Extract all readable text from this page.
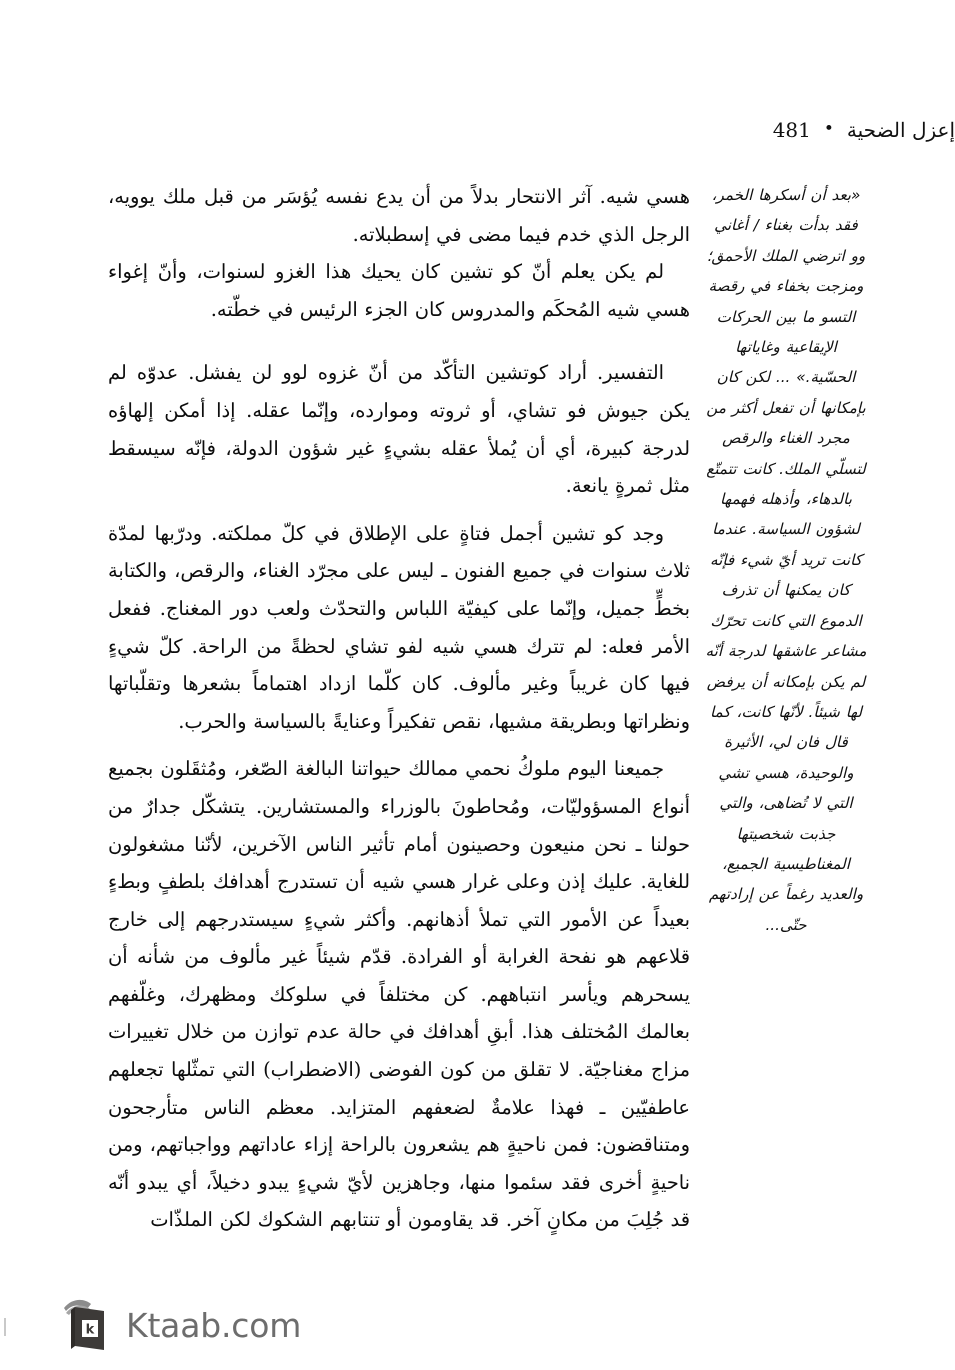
481 • إعزل الضحية

«بعد أن أسكرها الخمر، فقد بدأت بغناء / أغاني وو اترضي الملك الأحمق؛ ومزجت بخفاء في رقصة التسو ما بين الحركات الإيقاعية وغاياتها الحسّية.» ... لكن كان بإمكانها أن تفعل أكثر من مجرد الغناء والرقص لتسلّي الملك. كانت تتمتّع بالدهاء، وأذهله فهمها لشؤون السياسة. عندما كانت تريد أيّ شيء فإنّه كان يمكنها أن تذرف الدموع التي كانت تحرّك مشاعر عاشقها لدرجة أنّه لم يكن بإمكانه أن يرفض لها شيئاً. لأنّها كانت، كما قال فان لي، الأثيرة والوحيدة، هسي تشي التي لا تُضاهى، والتي جذبت شخصيتها المغناطيسية الجميع، والعديد رغماً عن إرادتهم حتّى...

هسي شيه. آثر الانتحار بدلاً من أن يدع نفسه يُؤسَر من قبل ملك يوويه، الرجل الذي خدم فيما مضى في إسطبلاته.

لم يكن يعلم أنّ كو تشين كان يحيك هذا الغزو لسنوات، وأنّ إغواء هسي شيه المُحكَم والمدروس كان الجزء الرئيس في خطّته.

التفسير. أراد كوتشين التأكّد من أنّ غزوه لوو لن يفشل. عدوّه لم يكن جيوش فو تشاي، أو ثروته وموارده، وإنّما عقله. إذا أمكن إلهاؤه لدرجة كبيرة، أي أن يُملأ عقله بشيءٍ غير شؤون الدولة، فإنّه سيسقط مثل ثمرةٍ يانعة.

وجد كو تشين أجمل فتاةٍ على الإطلاق في كلّ مملكته. ودرّبها لمدّة ثلاث سنوات في جميع الفنون ـ ليس على مجرّد الغناء، والرقص، والكتابة بخطٍّ جميل، وإنّما على كيفيّة اللباس والتحدّث ولعب دور المغناج. ففعل الأمر فعله: لم تترك هسي شيه لفو تشاي لحظةً من الراحة. كلّ شيءٍ فيها كان غريباً وغير مألوف. كان كلّما ازداد اهتماماً بشعرها وتقلّباتها ونظراتها وبطريقة مشيها، نقص تفكيراً وعنايةً بالسياسة والحرب.

جميعنا اليوم ملوكُ نحمي ممالك حيواتنا البالغة الصّغر، ومُثقَلون بجميع أنواع المسؤوليّات، ومُحاطونَ بالوزراء والمستشارين. يتشكّل جدارٌ من حولنا ـ نحن منيعون وحصينون أمام تأثير الناس الآخرين، لأنّنا مشغولون للغاية. عليك إذن وعلى غرار هسي شيه أن تستدرج أهدافك بلطفٍ وبطءٍ بعيداً عن الأمور التي تملأ أذهانهم. وأكثر شيءٍ سيستدرجهم إلى خارج قلاعهم هو نفحة الغرابة أو الفرادة. قدّم شيئاً غير مألوف من شأنه أن يسحرهم ويأسر انتباههم. كن مختلفاً في سلوكك ومظهرك، وغلّفهم بعالمك المُختلف هذا. أبقِ أهدافك في حالة عدم توازن من خلال تغييرات مزاج مغناجيّة. لا تقلق من كون الفوضى (الاضطراب) التي تمثّلها تجعلهم عاطفيّين ـ فهذا علامةٌ لضعفهم المتزايد. معظم الناس متأرجحون ومتناقضون: فمن ناحيةٍ هم يشعرون بالراحة إزاء عاداتهم وواجباتهم، ومن ناحيةٍ أخرى فقد سئموا منها، وجاهزين لأيّ شيءٍ يبدو دخيلاً، أي يبدو أنّه قد جُلِبَ من مكانٍ آخر. قد يقاومون أو تنتابهم الشكوك لكن الملذّات

k Ktaab.com
